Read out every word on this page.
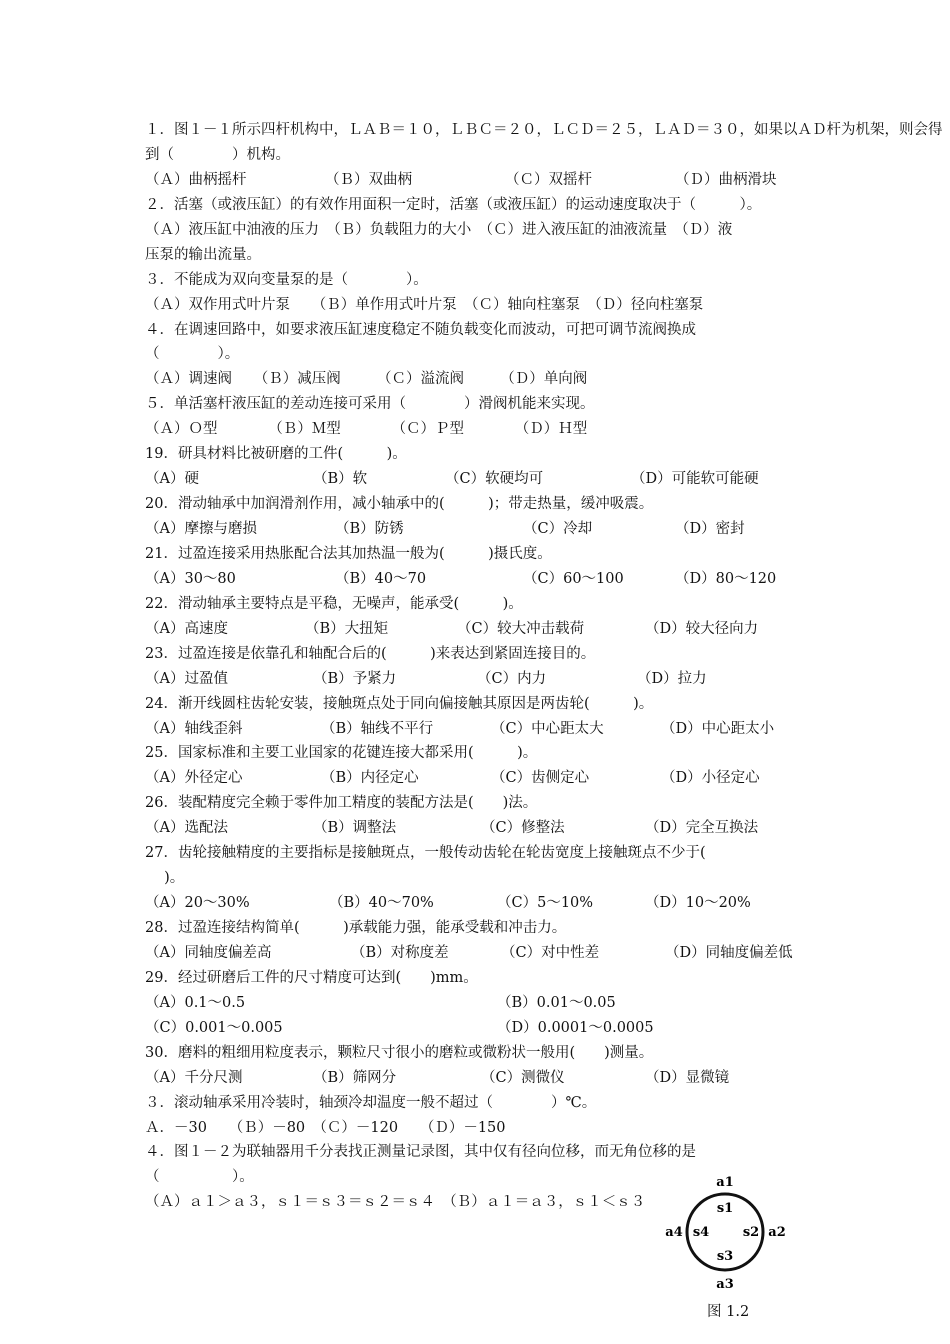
１．图１－１所示四杆机构中，ＬＡＢ＝１０，ＬＢＣ＝２０，ＬＣＤ＝２５，ＬＡＤ＝３０，如果以ＡＤ杆为机架，则会得
到（　　　　）机构。
（Ａ）曲柄摇杆　　　　 （Ｂ）双曲柄　　　	（Ｃ）双摇杆　　　	（Ｄ）曲柄滑块
２．活塞（或液压缸）的有效作用面积一定时，活塞（或液压缸）的运动速度取决于（　　　）。
（Ａ）液压缸中油液的压力　（Ｂ）负载阻力的大小　（Ｃ）进入液压缸的油液流量　（Ｄ）液
压泵的输出流量。
３．不能成为双向变量泵的是（　　　　）。
（Ａ）双作用式叶片泵　　（Ｂ）单作用式叶片泵　（Ｃ）轴向柱塞泵　（Ｄ）径向柱塞泵
４．在调速回路中，如要求液压缸速度稳定不随负载变化而波动，可把可调节流阀换成
（　　　　）。
（Ａ）调速阀　　（Ｂ）减压阀　　　（Ｃ）溢流阀　　　（Ｄ）单向阀
５．单活塞杆液压缸的差动连接可采用（　　　　）滑阀机能来实现。
（Ａ）Ｏ型　　　　（Ｂ）Ｍ型　　　　（Ｃ）Ｐ型　　　　（Ｄ）Ｈ型
19．研具材料比被研磨的工件(　　　)。
（A）硬	（B）软	（C）软硬均可	（D）可能软可能硬
20．滑动轴承中加润滑剂作用，减小轴承中的(　　　)；带走热量，缓冲吸震。
（A）摩擦与磨损	（B）防锈	（C）冷却	（D）密封
21．过盈连接采用热胀配合法其加热温一般为(　　　)摄氏度。
（A）30～80	（B）40～70	（C）60～100	（D）80～120
22．滑动轴承主要特点是平稳，无噪声，能承受(　　　)。
（A）高速度	（B）大扭矩	（C）较大冲击载荷	（D）较大径向力
23．过盈连接是依靠孔和轴配合后的(　　　)来表达到紧固连接目的。
（A）过盈值	（B）予紧力	（C）内力	（D）拉力
24．渐开线圆柱齿轮安装，接触斑点处于同向偏接触其原因是两齿轮(　　　)。
（A）轴线歪斜	（B）轴线不平行	（C）中心距太大	（D）中心距太小
25．国家标准和主要工业国家的花键连接大都采用(　　　)。
（A）外径定心	（B）内径定心	（C）齿侧定心	（D）小径定心
26．装配精度完全赖于零件加工精度的装配方法是(　　)法。
（A）选配法	（B）调整法	（C）修整法	（D）完全互换法
27．齿轮接触精度的主要指标是接触斑点，一般传动齿轮在轮齿宽度上接触斑点不少于(
　 )。
（A）20～30%	（B）40～70%	（C）5～10%	（D）10～20%
28．过盈连接结构简单(　　　)承载能力强，能承受载和冲击力。
（A）同轴度偏差高	（B）对称度差	（C）对中性差	（D）同轴度偏差低
29．经过研磨后工件的尺寸精度可达到(　　)mm。
（A）0.1～0.5	（B）0.01～0.05
（C）0.001～0.005	（D）0.0001～0.0005
30．磨料的粗细用粒度表示，颗粒尺寸很小的磨粒或微粉状一般用(　　)测量。
（A）千分尺测	（B）筛网分	（C）测微仪	（D）显微镜
３．滚动轴承采用冷装时，轴颈冷却温度一般不超过（　　　　）℃。
Ａ．－30　　（Ｂ）－80　（Ｃ）－120　　（Ｄ）－150
４．图１－２为联轴器用千分表找正测量记录图，其中仅有径向位移，而无角位移的是
（　　　　　）。
（Ａ）ａ１＞ａ３，ｓ１＝ｓ３＝ｓ２＝ｓ４　（Ｂ）ａ１＝ａ３，ｓ１＜ｓ３
a1
a2
a3
a4
s1
s2
s3
s4
图 1.2
